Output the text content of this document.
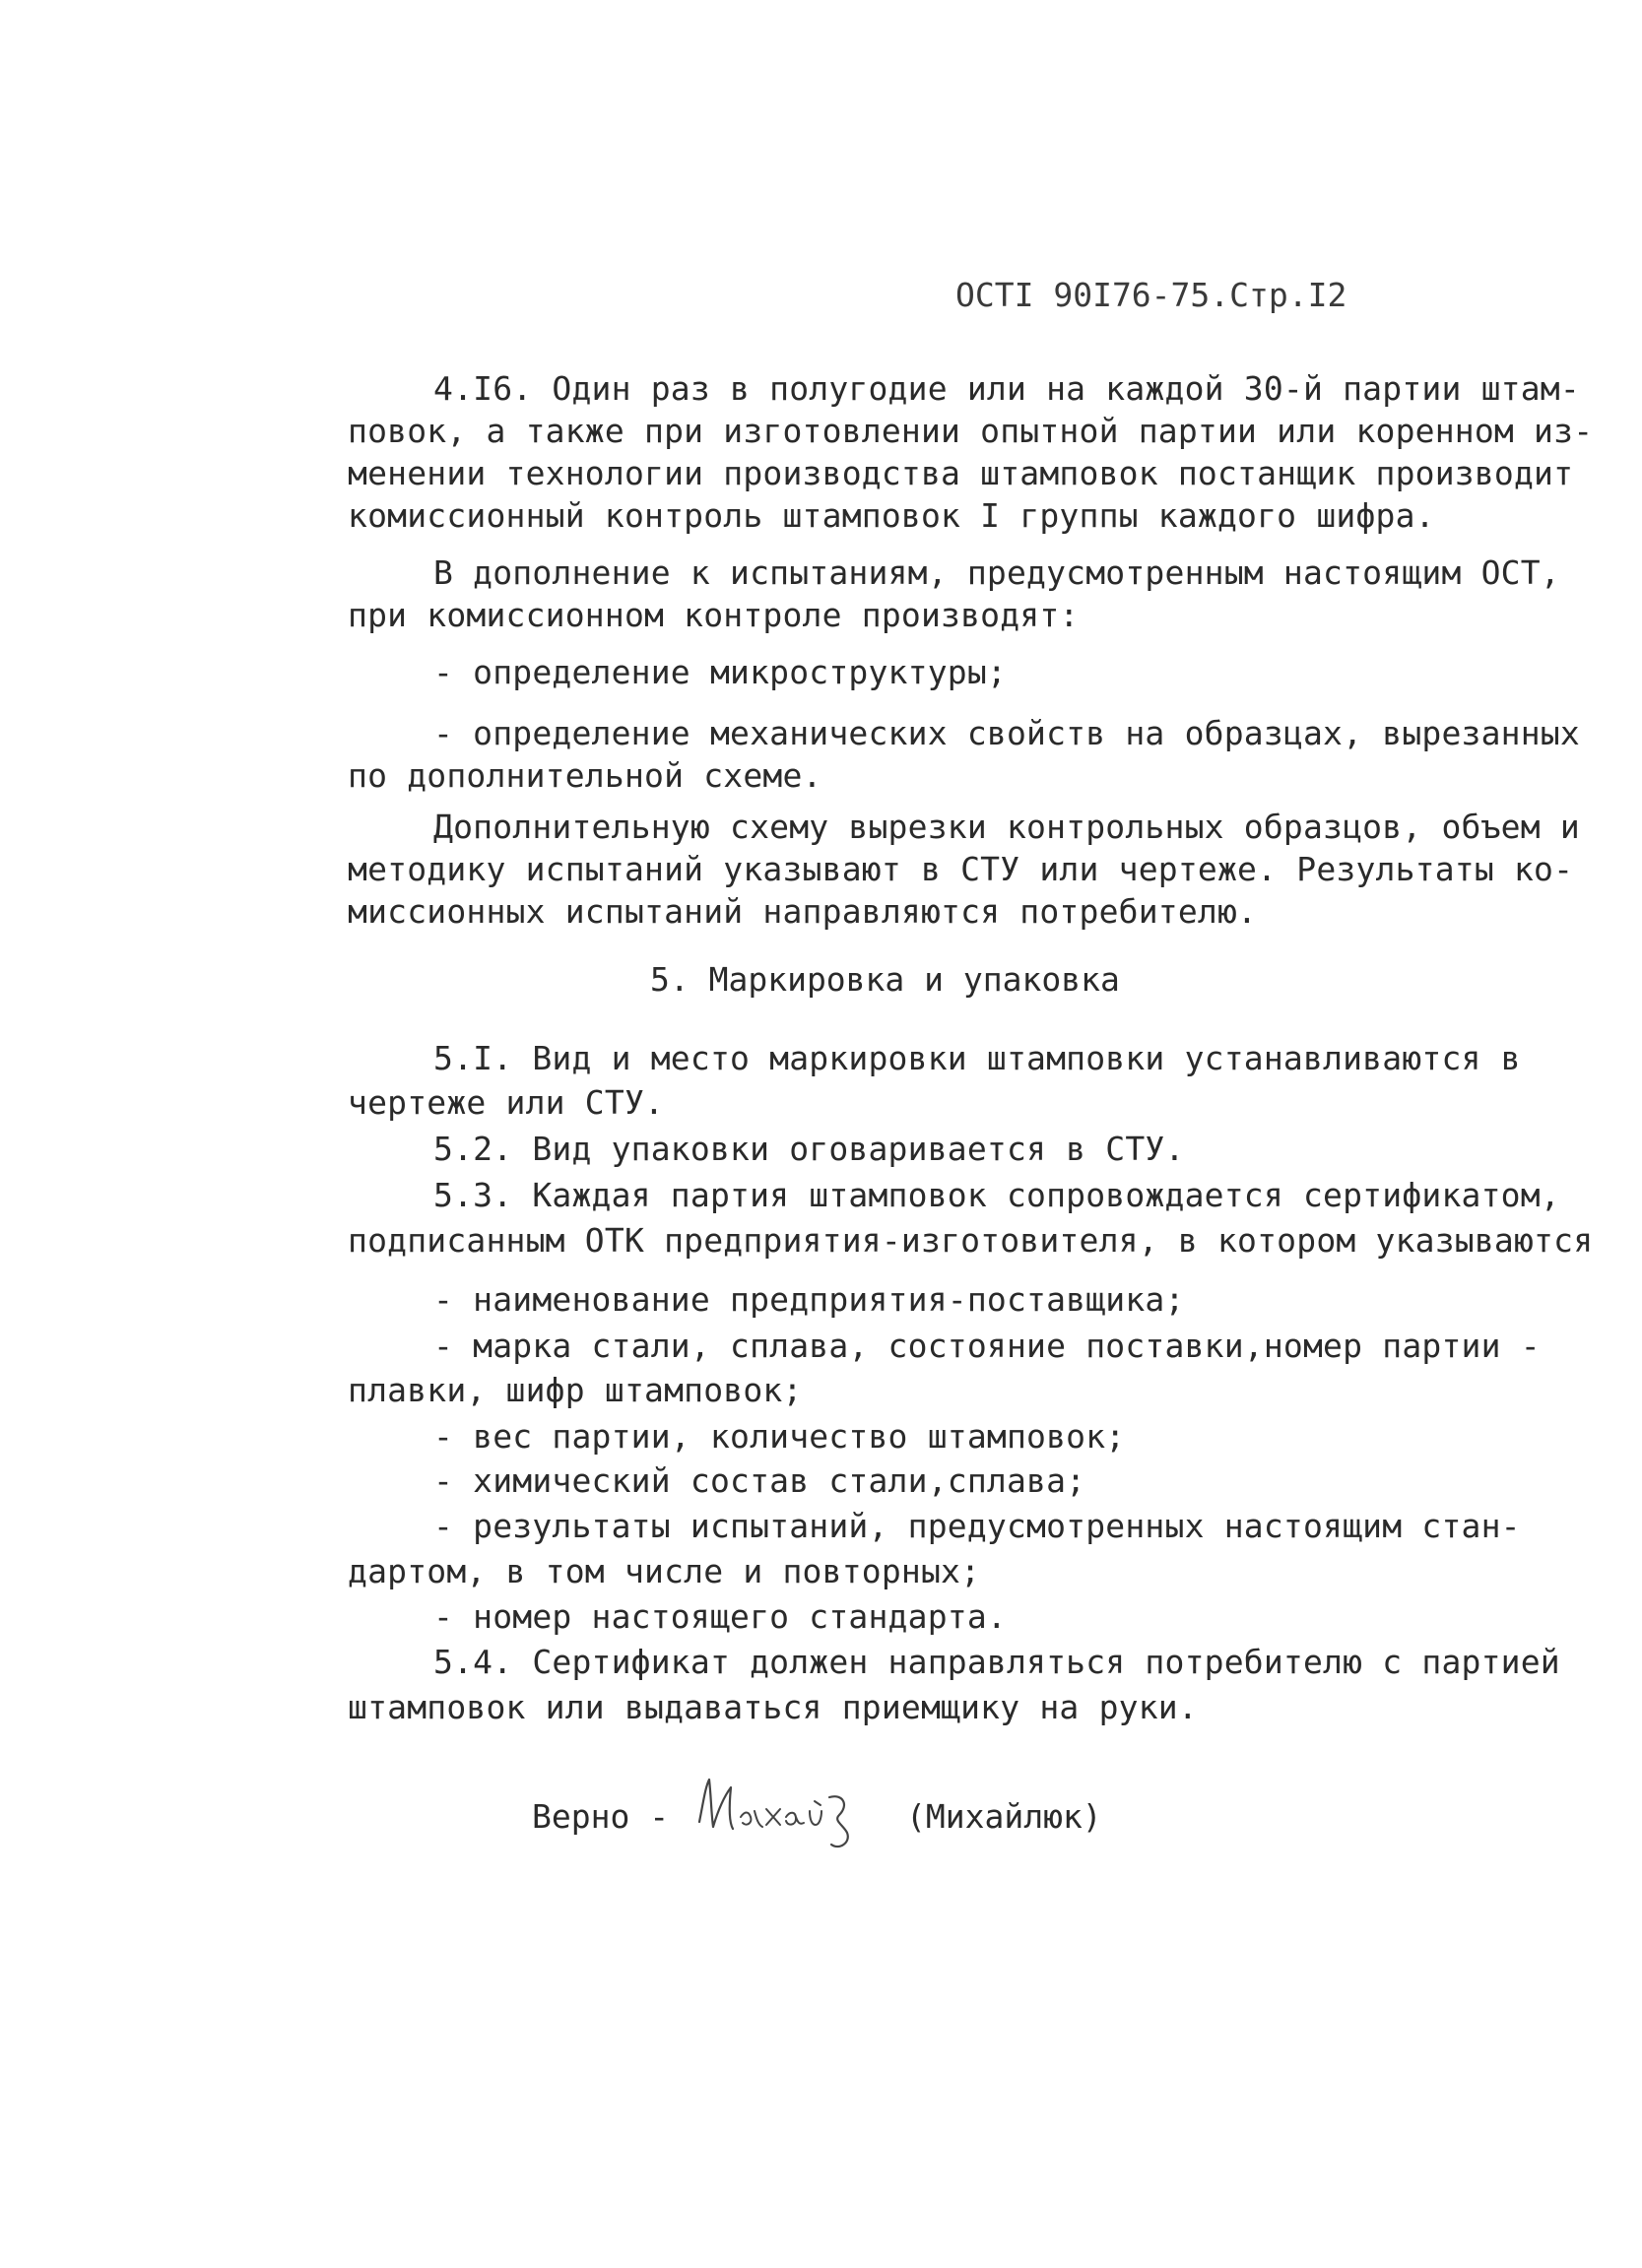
ОСТI 90I76-75.Стр.I2
4.I6. Один раз в полугодие или на каждой 30-й партии штам-
повок, а также при изготовлении опытной партии или коренном из-
менении технологии производства штамповок постанщик производит
комиссионный контроль штамповок I группы каждого шифра.
В дополнение к испытаниям, предусмотренным настоящим ОСТ,
при комиссионном контроле производят:
- определение микроструктуры;
- определение механических свойств на образцах, вырезанных
по дополнительной схеме.
Дополнительную схему вырезки контрольных образцов, объем и
методику испытаний указывают в СТУ или чертеже. Результаты ко-
миссионных испытаний направляются потребителю.
5. Маркировка и упаковка
5.I. Вид и место маркировки штамповки устанавливаются в
чертеже или СТУ.
5.2. Вид упаковки оговаривается в СТУ.
5.3. Каждая партия штамповок сопровождается сертификатом,
подписанным ОТК предприятия-изготовителя, в котором указываются
- наименование предприятия-поставщика;
- марка стали, сплава, состояние поставки,номер партии -
плавки, шифр штамповок;
- вес партии, количество штамповок;
- химический состав стали,сплава;
- результаты испытаний, предусмотренных настоящим стан-
дартом, в том числе и повторных;
- номер настоящего стандарта.
5.4. Сертификат должен направляться потребителю с партией
штамповок или выдаваться приемщику на руки.
Верно -	(Михайлюк)
